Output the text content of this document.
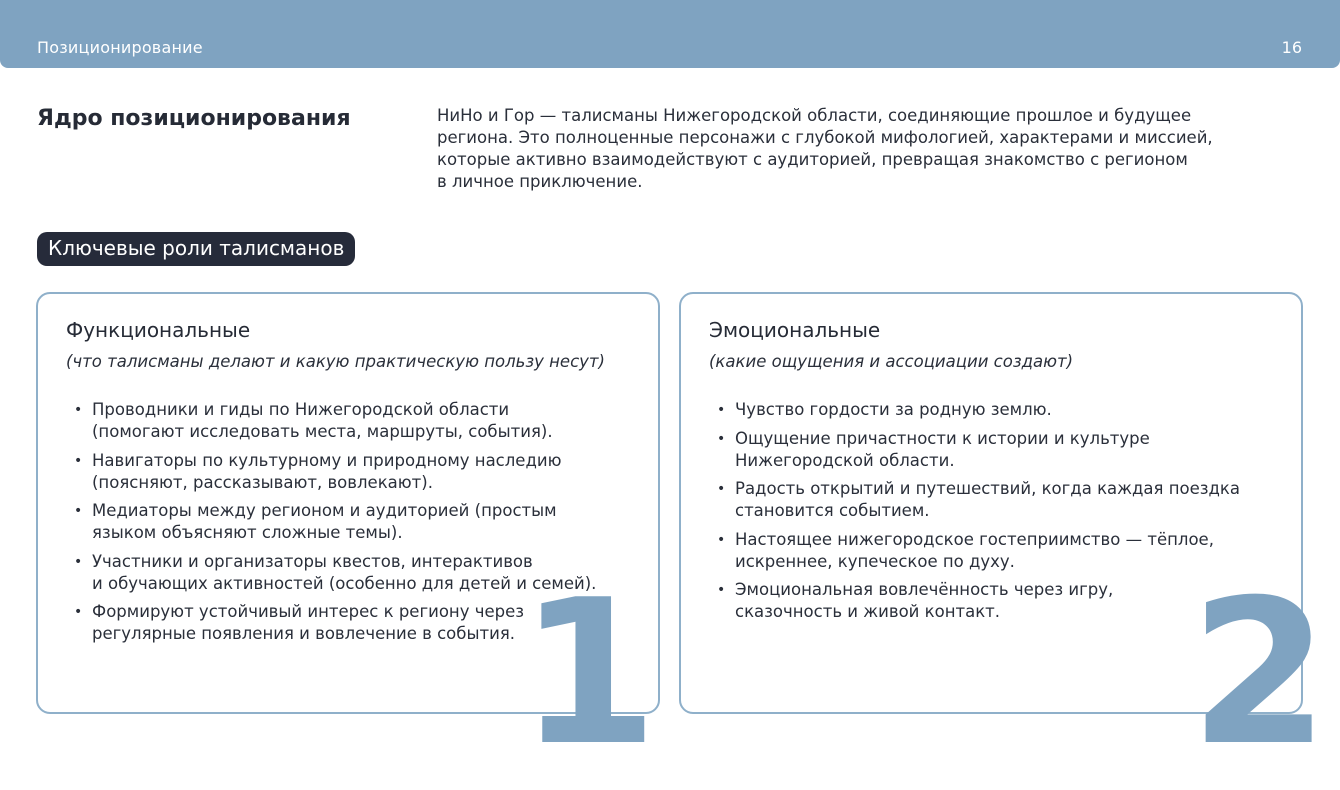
Позиционирование	16
Ядро позиционирования	НиНо и Гор — талисманы Нижегородской области, соединяющие прошлое и будущее
региона. Это полноценные персонажи с глубокой мифологией, характерами и миссией,
которые активно взаимодействуют с аудиторией, превращая знакомство с регионом
в личное приключение.

Ключевые роли талисманов
Функциональные

(что талисманы делают и какую практическую пользу несут)

• Проводники и гиды по Нижегородской области
(помогают исследовать места, маршруты, события).
• Навигаторы по культурному и природному наследию
(поясняют, рассказывают, вовлекают).
• Медиаторы между регионом и аудиторией (простым
языком объясняют сложные темы).
• Участники и организаторы квестов, интерактивов
и обучающих активностей (особенно для детей и семей).
• Формируют устойчивый интерес к региону через
регулярные появления и вовлечение в события. 1
Эмоциональные

(какие ощущения и ассоциации создают)

• Чувство гордости за родную землю.
• Ощущение причастности к истории и культуре
Нижегородской области.
• Радость открытий и путешествий, когда каждая поездка
становится событием.
• Настоящее нижегородское гостеприимство — тёплое,
искреннее, купеческое по духу.
• Эмоциональная вовлечённость через игру,
сказочность и живой контакт. 2
